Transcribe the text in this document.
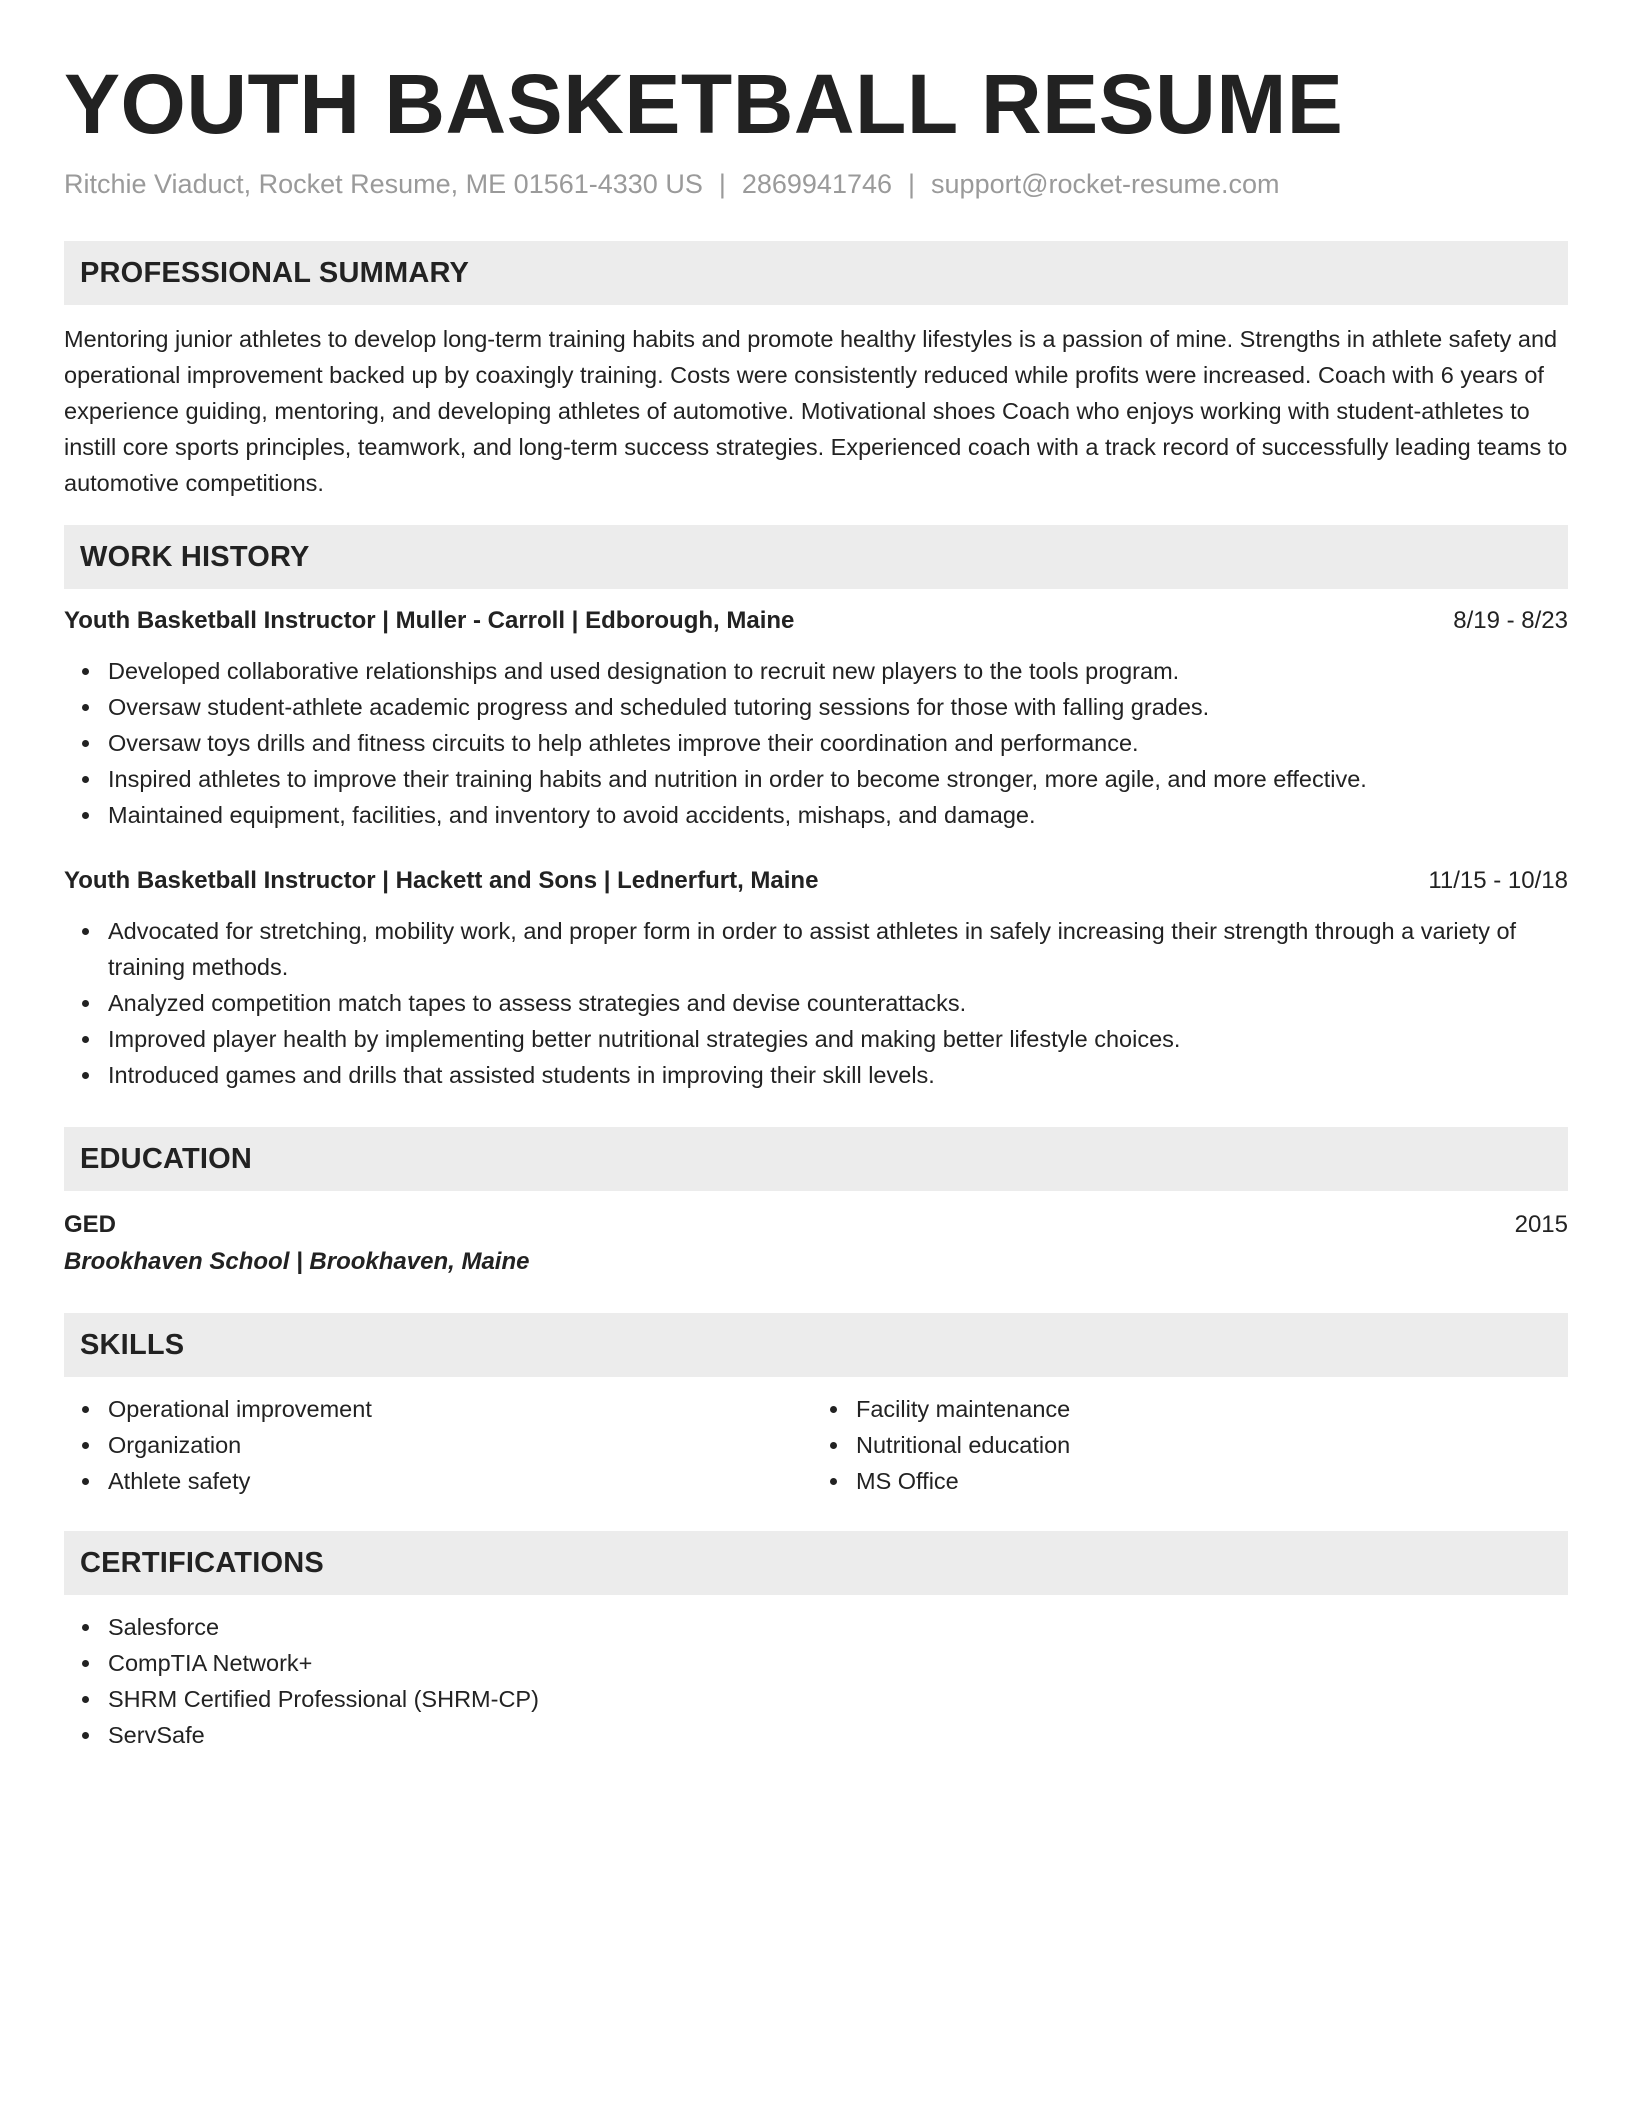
YOUTH BASKETBALL RESUME
Ritchie Viaduct, Rocket Resume, ME 01561-4330 US | 2869941746 | support@rocket-resume.com
PROFESSIONAL SUMMARY
Mentoring junior athletes to develop long-term training habits and promote healthy lifestyles is a passion of mine. Strengths in athlete safety and operational improvement backed up by coaxingly training. Costs were consistently reduced while profits were increased. Coach with 6 years of experience guiding, mentoring, and developing athletes of automotive. Motivational shoes Coach who enjoys working with student-athletes to instill core sports principles, teamwork, and long-term success strategies. Experienced coach with a track record of successfully leading teams to automotive competitions.
WORK HISTORY
Youth Basketball Instructor | Muller - Carroll | Edborough, Maine	8/19 - 8/23
Developed collaborative relationships and used designation to recruit new players to the tools program.
Oversaw student-athlete academic progress and scheduled tutoring sessions for those with falling grades.
Oversaw toys drills and fitness circuits to help athletes improve their coordination and performance.
Inspired athletes to improve their training habits and nutrition in order to become stronger, more agile, and more effective.
Maintained equipment, facilities, and inventory to avoid accidents, mishaps, and damage.
Youth Basketball Instructor | Hackett and Sons | Lednerfurt, Maine	11/15 - 10/18
Advocated for stretching, mobility work, and proper form in order to assist athletes in safely increasing their strength through a variety of training methods.
Analyzed competition match tapes to assess strategies and devise counterattacks.
Improved player health by implementing better nutritional strategies and making better lifestyle choices.
Introduced games and drills that assisted students in improving their skill levels.
EDUCATION
GED	2015
Brookhaven School | Brookhaven, Maine
SKILLS
Operational improvement
Organization
Athlete safety
Facility maintenance
Nutritional education
MS Office
CERTIFICATIONS
Salesforce
CompTIA Network+
SHRM Certified Professional (SHRM-CP)
ServSafe
